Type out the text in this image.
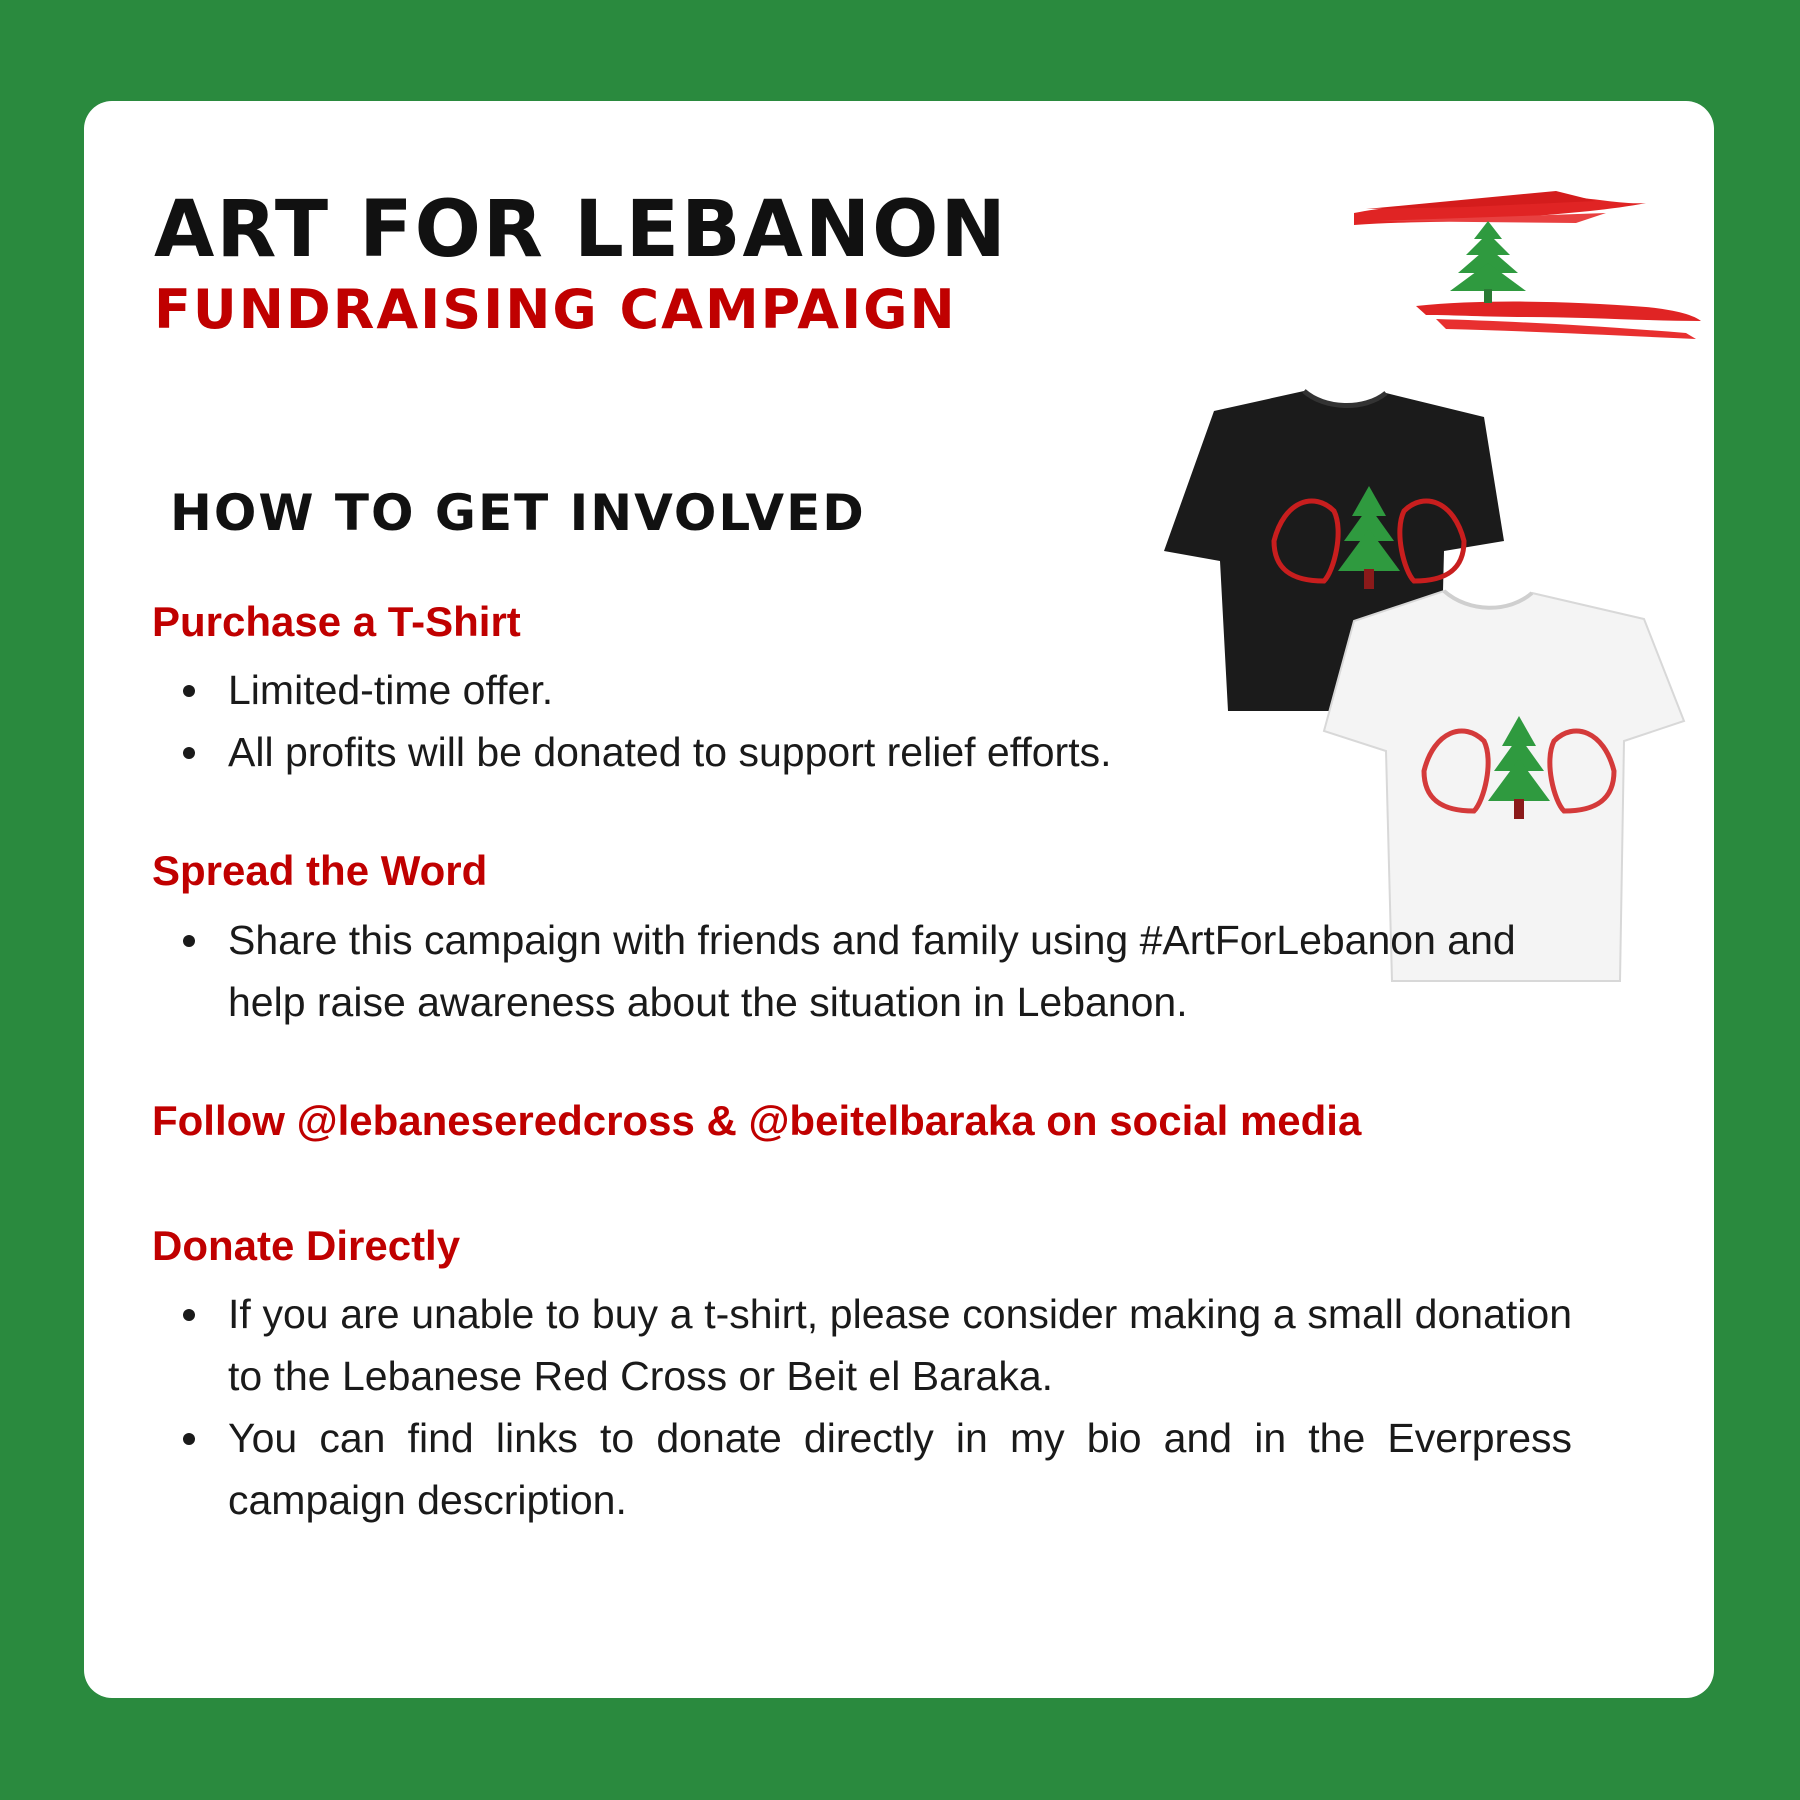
ART FOR LEBANON
FUNDRAISING CAMPAIGN
HOW TO GET INVOLVED
Purchase a T-Shirt
Limited-time offer.
All profits will be donated to support relief efforts.
Spread the Word
Share this campaign with friends and family using #ArtForLebanon and help raise awareness about the situation in Lebanon.
Follow @lebaneseredcross & @beitelbaraka on social media
Donate Directly
If you are unable to buy a t-shirt, please consider making a small donation to the Lebanese Red Cross or Beit el Baraka.
You can find links to donate directly in my bio and in the Everpress campaign description.
